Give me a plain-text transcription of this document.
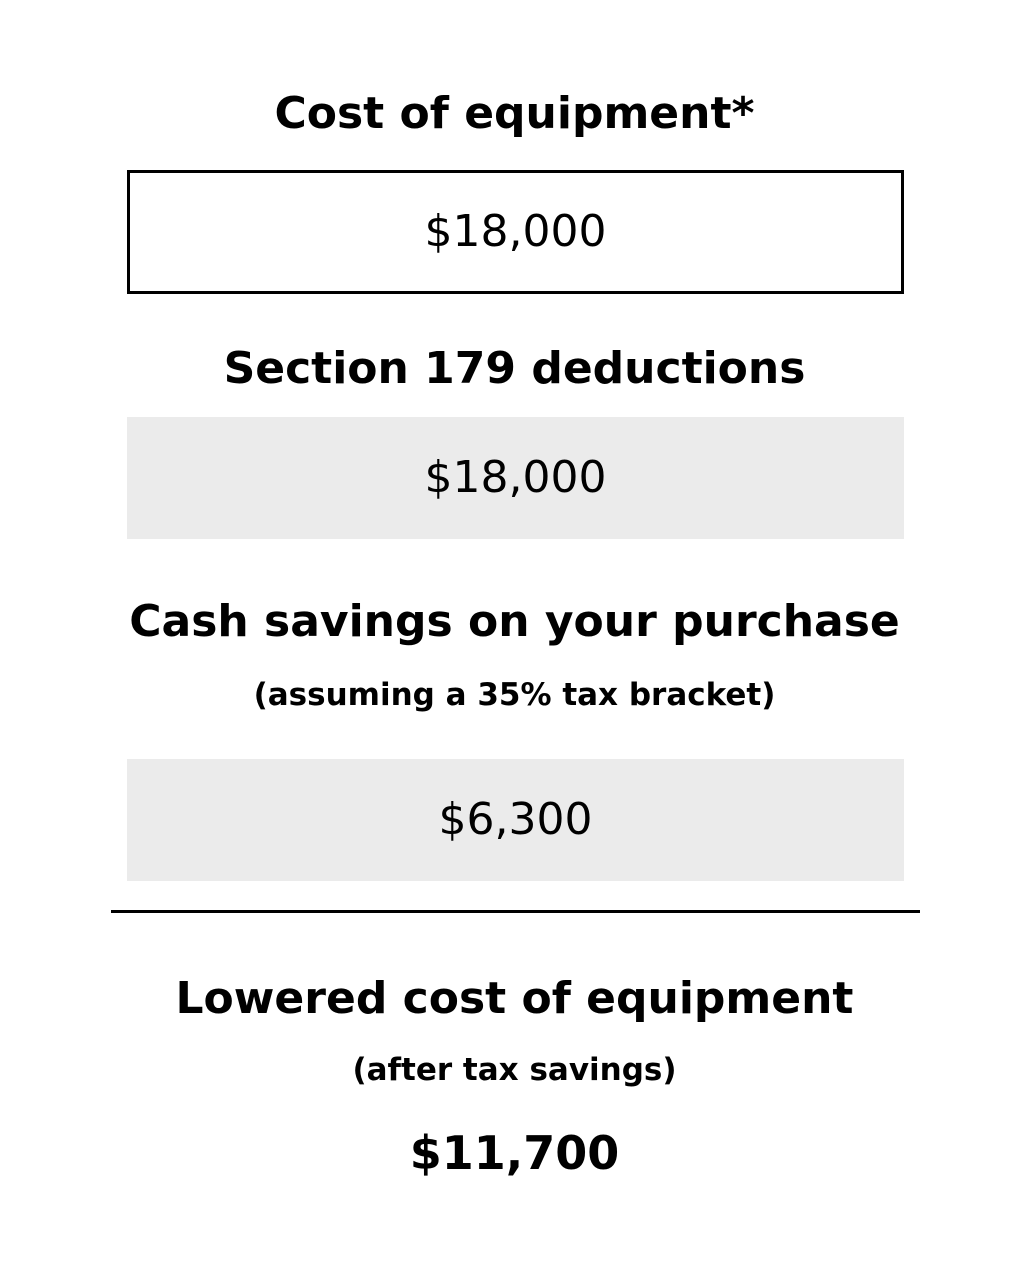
Cost of equipment*
$18,000
Section 179 deductions
$18,000
Cash savings on your purchase
(assuming a 35% tax bracket)
$6,300
Lowered cost of equipment
(after tax savings)
$11,700
